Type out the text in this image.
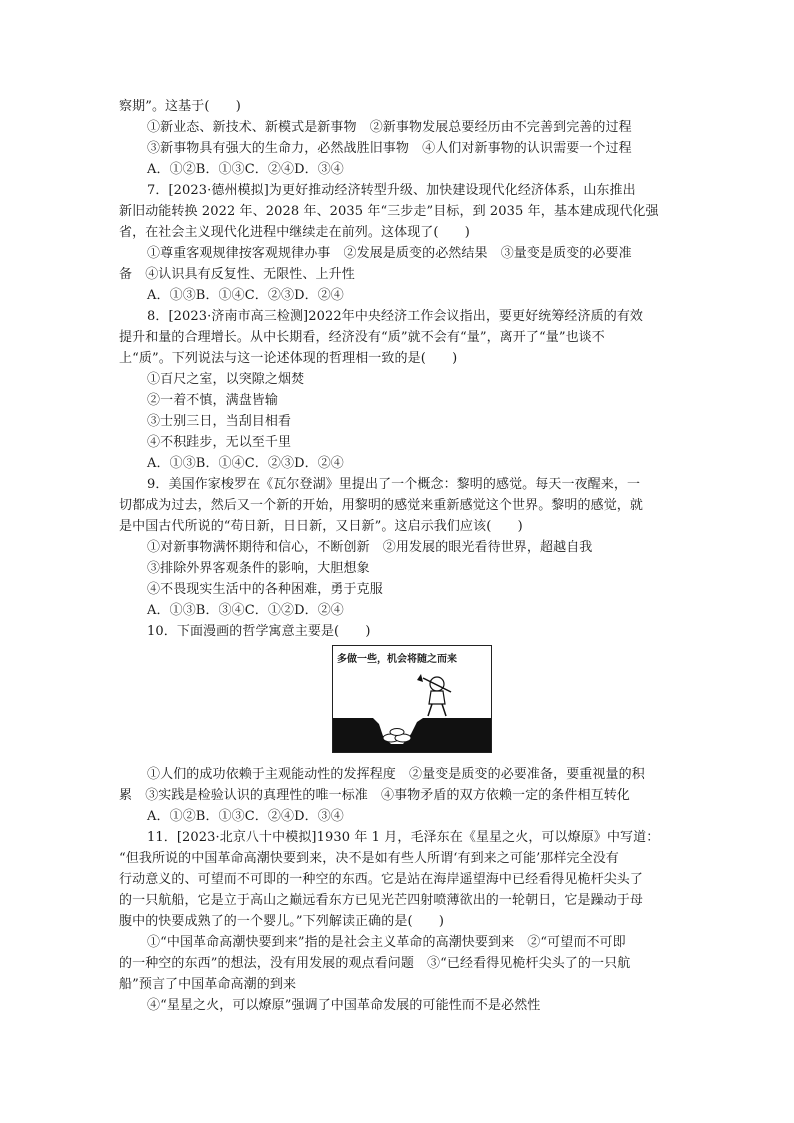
察期”。这基于(　　)
①新业态、新技术、新模式是新事物　②新事物发展总要经历由不完善到完善的过程
③新事物具有强大的生命力，必然战胜旧事物　④人们对新事物的认识需要一个过程
A．①②B．①③C．②④D．③④
7．[2023·德州模拟]为更好推动经济转型升级、加快建设现代化经济体系，山东推出
新旧动能转换 2022 年、2028 年、2035 年“三步走”目标，到 2035 年，基本建成现代化强
省，在社会主义现代化进程中继续走在前列。这体现了(　　)
①尊重客观规律按客观规律办事　②发展是质变的必然结果　③量变是质变的必要准
备　④认识具有反复性、无限性、上升性
A．①③B．①④C．②③D．②④
8．[2023·济南市高三检测]2022年中央经济工作会议指出，要更好统筹经济质的有效
提升和量的合理增长。从中长期看，经济没有“质”就不会有“量”，离开了“量”也谈不
上“质”。下列说法与这一论述体现的哲理相一致的是(　　)
①百尺之室，以突隙之烟焚
②一着不慎，满盘皆输
③士别三日，当刮目相看
④不积跬步，无以至千里
A．①③B．①④C．②③D．②④
9．美国作家梭罗在《瓦尔登湖》里提出了一个概念：黎明的感觉。每天一夜醒来，一
切都成为过去，然后又一个新的开始，用黎明的感觉来重新感觉这个世界。黎明的感觉，就
是中国古代所说的“苟日新，日日新，又日新”。这启示我们应该(　　)
①对新事物满怀期待和信心，不断创新　②用发展的眼光看待世界，超越自我
③排除外界客观条件的影响，大胆想象
④不畏现实生活中的各种困难，勇于克服
A．①③B．③④C．①②D．②④
10．下面漫画的哲学寓意主要是(　　)
多做一些，机会将随之而来
①人们的成功依赖于主观能动性的发挥程度　②量变是质变的必要准备，要重视量的积
累　③实践是检验认识的真理性的唯一标准　④事物矛盾的双方依赖一定的条件相互转化
A．①②B．①③C．②④D．③④
11．[2023·北京八十中模拟]1930 年 1 月，毛泽东在《星星之火，可以燎原》中写道：
“但我所说的中国革命高潮快要到来，决不是如有些人所谓‘有到来之可能’那样完全没有
行动意义的、可望而不可即的一种空的东西。它是站在海岸遥望海中已经看得见桅杆尖头了
的一只航船，它是立于高山之巅远看东方已见光芒四射喷薄欲出的一轮朝日，它是躁动于母
腹中的快要成熟了的一个婴儿。”下列解读正确的是(　　)
①“中国革命高潮快要到来”指的是社会主义革命的高潮快要到来　②“可望而不可即
的一种空的东西”的想法，没有用发展的观点看问题　③“已经看得见桅杆尖头了的一只航
船”预言了中国革命高潮的到来
④“星星之火，可以燎原”强调了中国革命发展的可能性而不是必然性
